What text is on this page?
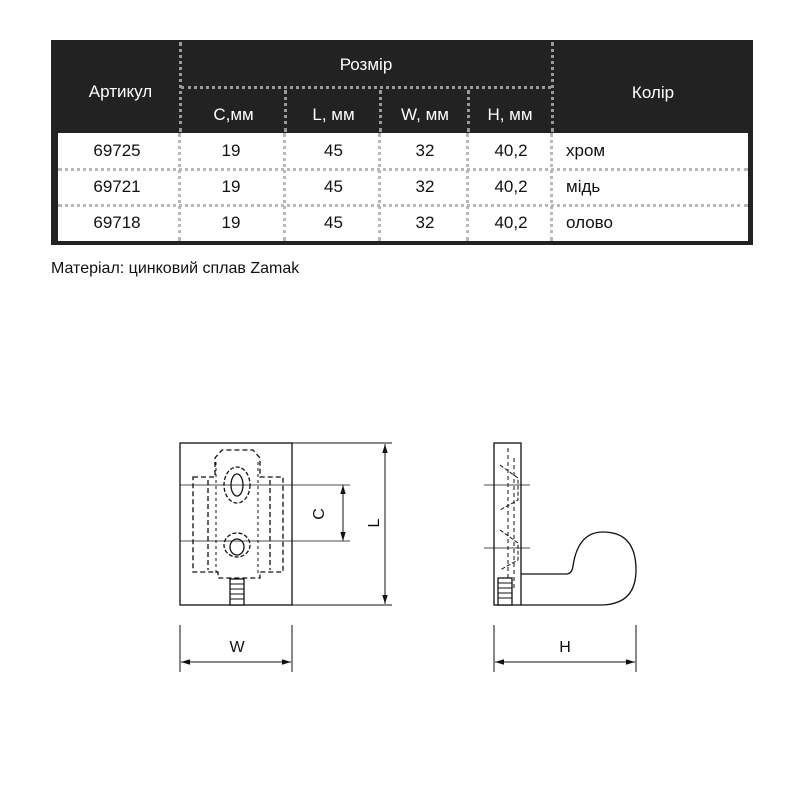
Артикул
Розмір
С,мм	L, мм	W, мм	H, мм
Колір
69725	19	45	32	40,2	хром
69721	19	45	32	40,2	мідь
69718	19	45	32	40,2	олово
Матеріал: цинковий сплав Zamak
C
L
W	H
